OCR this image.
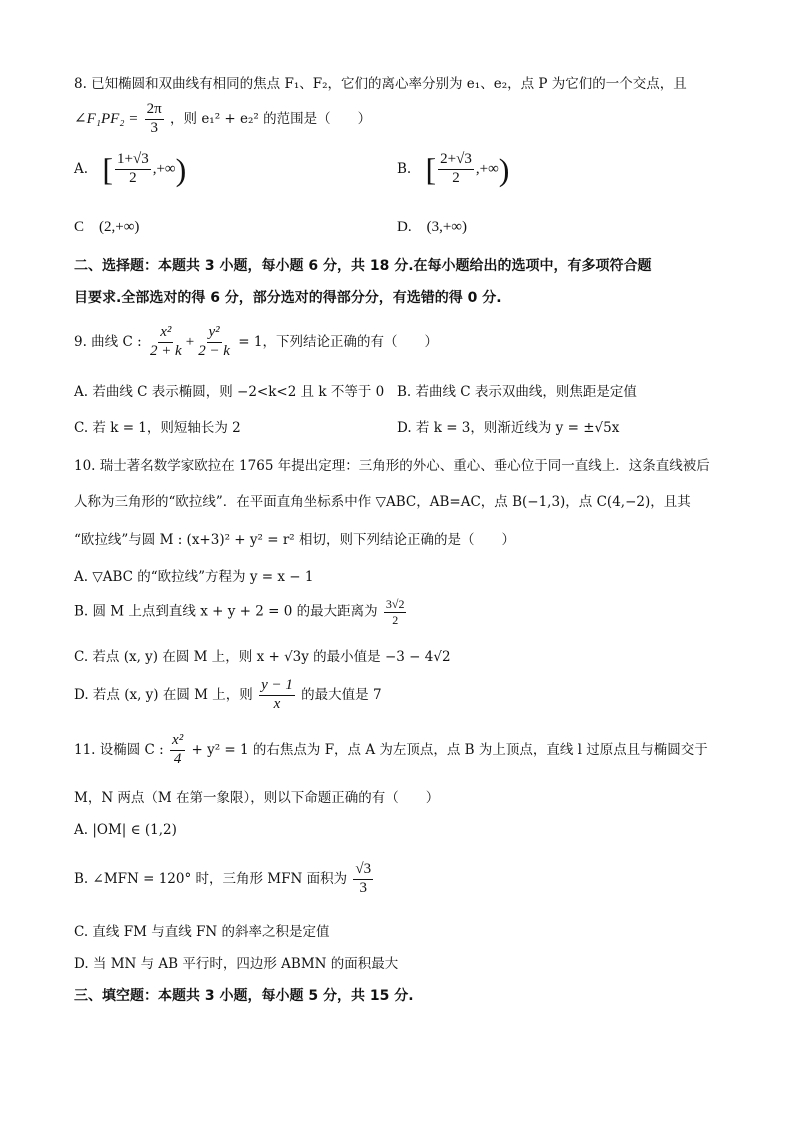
8. 已知椭圆和双曲线有相同的焦点 F₁、F₂，它们的离心率分别为 e₁、e₂，点 P 为它们的一个交点，且
∠F₁PF₂ = $\frac{2\pi}{3}$ ，则 e₁² + e₂² 的范围是（　　）
A. [ $\frac{1+√3}{2}$ ,+∞)	B. [ $\frac{2+√3}{2}$ ,+∞)
C　(2,+∞)	D.　(3,+∞)
二、选择题：本题共 3 小题，每小题 6 分，共 18 分.在每小题给出的选项中，有多项符合题
目要求.全部选对的得 6 分，部分选对的得部分分，有选错的得 0 分.
9. 曲线 C : $\frac{\text{x²}}{2 + k} + \frac{\text{y²}}{2 - k} = 1$，下列结论正确的有（　　）
A. 若曲线 C 表示椭圆，则 −2<k<2 且 k 不等于 0 B. 若曲线 C 表示双曲线，则焦距是定值
C. 若 k = 1，则短轴长为 2	D. 若 k = 3，则渐近线为 y = ±√5x
10. 瑞士著名数学家欧拉在 1765 年提出定理：三角形的外心、重心、垂心位于同一直线上．这条直线被后
人称为三角形的“欧拉线”．在平面直角坐标系中作 ▽ABC，AB=AC，点 B(−1,3)，点 C(4,−2)，且其
“欧拉线”与圆 M : (x+3)² + y² = r² 相切，则下列结论正确的是（　　）
A. ▽ABC 的“欧拉线”方程为 y = x − 1
B. 圆 M 上点到直线 x + y + 2 = 0 的最大距离为 $\frac{3√2}{2}$
C. 若点 (x, y) 在圆 M 上，则 x + √3y 的最小值是 −3 − 4√2
D. 若点 (x, y) 在圆 M 上，则 $\frac{y - 1}{x}$ 的最大值是 7
11. 设椭圆 C : $\frac{\text{x²}}{4} + y^2 = 1$ 的右焦点为 F，点 A 为左顶点，点 B 为上顶点，直线 l 过原点且与椭圆交于
M，N 两点（M 在第一象限），则以下命题正确的有（　　）
A. |OM| ∈ (1,2)
B. ∠MFN = 120° 时，三角形 MFN 面积为 $\frac{√3}{3}$
C. 直线 FM 与直线 FN 的斜率之积是定值
D. 当 MN 与 AB 平行时，四边形 ABMN 的面积最大
三、填空题：本题共 3 小题，每小题 5 分，共 15 分.
